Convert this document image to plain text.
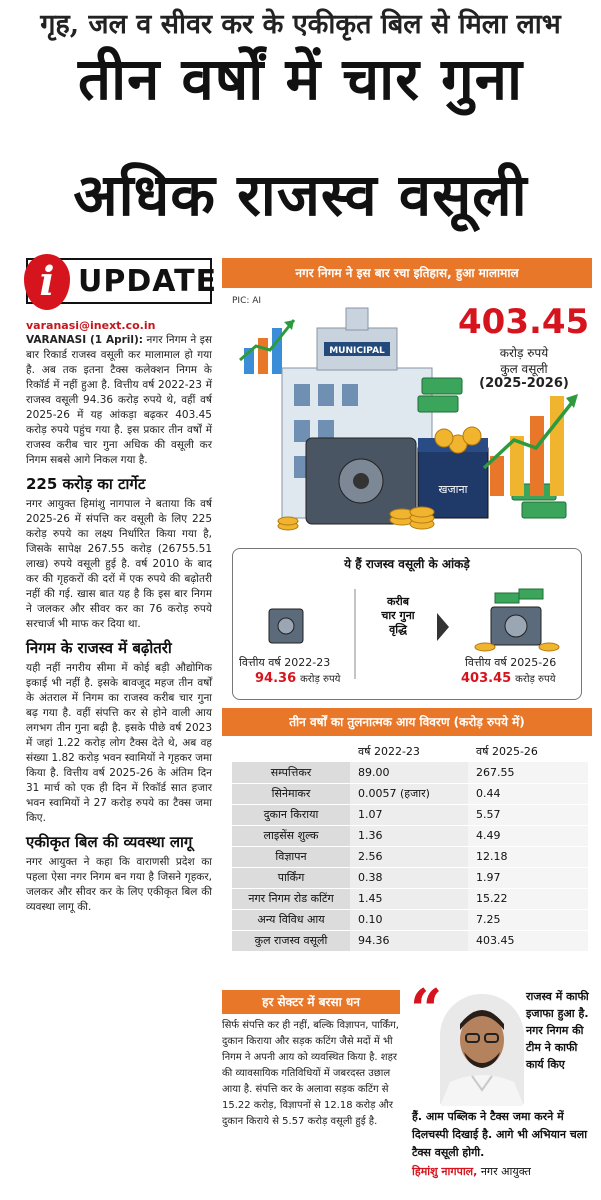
गृह, जल व सीवर कर के एकीकृत बिल से मिला लाभ
तीन वर्षों में चार गुना
अधिक राजस्व वसूली
i UPDATE
varanasi@inext.co.in

VARANASI (1 April): नगर निगम ने इस बार रिकार्ड राजस्व वसूली कर मालामाल हो गया है. अब तक इतना टैक्स कलेक्शन निगम के रिकॉर्ड में नहीं हुआ है. वित्तीय वर्ष 2022-23 में राजस्व वसूली 94.36 करोड़ रुपये थे, वहीं वर्ष 2025-26 में यह आंकड़ा बढ़कर 403.45 करोड़ रुपये पहुंच गया है. इस प्रकार तीन वर्षों में राजस्व करीब चार गुना अधिक की वसूली कर निगम सबसे आगे निकल गया है.

225 करोड़ का टार्गेट

नगर आयुक्त हिमांशु नागपाल ने बताया कि वर्ष 2025-26 में संपत्ति कर वसूली के लिए 225 करोड़ रुपये का लक्ष्य निर्धारित किया गया है, जिसके सापेक्ष 267.55 करोड़ (26755.51 लाख) रुपये वसूली हुई है. वर्ष 2010 के बाद कर की गृहकरों की दरों में एक रुपये की बढ़ोतरी नहीं की गई. खास बात यह है कि इस बार निगम ने जलकर और सीवर कर का 76 करोड़ रुपये सरचार्ज भी माफ कर दिया था.

निगम के राजस्व में बढ़ोतरी

यही नहीं नगरीय सीमा में कोई बड़ी औद्योगिक इकाई भी नहीं है. इसके बावजूद महज तीन वर्षों के अंतराल में निगम का राजस्व करीब चार गुना बढ़ गया है. वहीं संपत्ति कर से होने वाली आय लगभग तीन गुना बढ़ी है. इसके पीछे वर्ष 2023 में जहां 1.22 करोड़ लोग टैक्स देते थे, अब वह संख्या 1.82 करोड़ भवन स्वामियों ने गृहकर जमा किया है. वित्तीय वर्ष 2025-26 के अंतिम दिन 31 मार्च को एक ही दिन में रिकॉर्ड सात हजार भवन स्वामियों ने 27 करोड़ रुपये का टैक्स जमा किए.

एकीकृत बिल की व्यवस्था लागू

नगर आयुक्त ने कहा कि वाराणसी प्रदेश का पहला ऐसा नगर निगम बन गया है जिसने गृहकर, जलकर और सीवर कर के लिए एकीकृत बिल की व्यवस्था लागू की.

नगर निगम ने इस बार रचा इतिहास, हुआ मालामाल
PIC: AI
MUNICIPAL
खजाना
403.45
करोड़ रुपये
कुल वसूली
(2025-2026)
ये हैं राजस्व वसूली के आंकड़े
वित्तीय वर्ष 2022-23
94.36 करोड़ रुपये
करीब
चार गुना
वृद्धि
वित्तीय वर्ष 2025-26
403.45 करोड़ रुपये
तीन वर्षों का तुलनात्मक आय विवरण (करोड़ रुपये में)
	वर्ष 2022-23	वर्ष 2025-26
सम्पत्तिकर	89.00	267.55
सिनेमाकर	0.0057 (हजार)	0.44
दुकान किराया	1.07	5.57
लाइसेंस शुल्क	1.36	4.49
विज्ञापन	2.56	12.18
पार्किंग	0.38	1.97
नगर निगम रोड कटिंग	1.45	15.22
अन्य विविध आय	0.10	7.25
कुल राजस्व वसूली	94.36	403.45
हर सेक्टर में बरसा धन
सिर्फ संपत्ति कर ही नहीं, बल्कि विज्ञापन, पार्किंग, दुकान किराया और सड़क कटिंग जैसे मदों में भी निगम ने अपनी आय को व्यवस्थित किया है. शहर की व्यावसायिक गतिविधियों में जबरदस्त उछाल आया है. संपत्ति कर के अलावा सड़क कटिंग से 15.22 करोड़, विज्ञापनों से 12.18 करोड़ और दुकान किराये से 5.57 करोड़ वसूली हुई है.
“	राजस्व में काफी इजाफा हुआ है. नगर निगम की टीम ने काफी कार्य किए
हैं. आम पब्लिक ने टैक्स जमा करने में दिलचस्पी दिखाई है. आगे भी अभियान चला टैक्स वसूली होगी.
हिमांशु नागपाल, नगर आयुक्त
